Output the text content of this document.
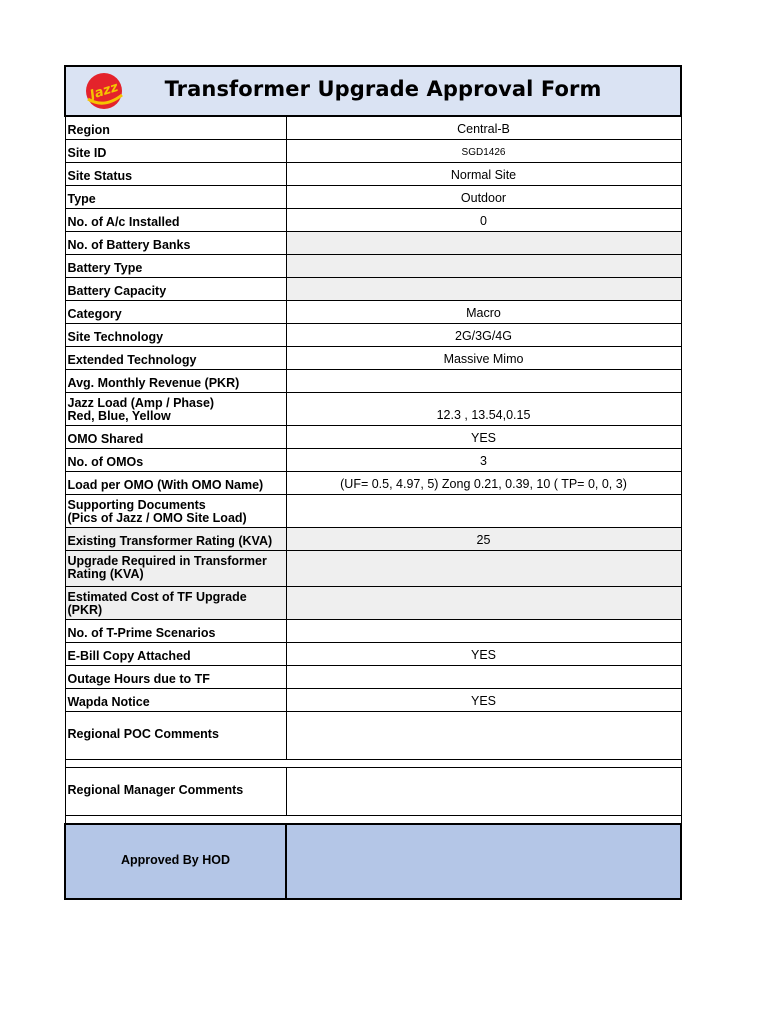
Jazz Transformer Upgrade Approval Form	
Region	Central-B
Site ID	SGD1426
Site Status	Normal Site
Type	Outdoor
No. of A/c Installed	0
No. of Battery Banks	
Battery Type	
Battery Capacity	
Category	Macro
Site Technology	2G/3G/4G
Extended Technology	Massive Mimo
Avg. Monthly Revenue (PKR)	
Jazz Load (Amp / Phase)
Red, Blue, Yellow	12.3 , 13.54,0.15
OMO Shared	YES
No. of OMOs	3
Load per OMO (With OMO Name)	(UF= 0.5, 4.97, 5) Zong 0.21, 0.39, 10 ( TP= 0, 0, 3)
Supporting Documents
(Pics of Jazz / OMO Site Load)	
Existing Transformer Rating (KVA)	25
Upgrade Required in Transformer
Rating (KVA)	
Estimated Cost of TF Upgrade (PKR)	
No. of T-Prime Scenarios	
E-Bill Copy Attached	YES
Outage Hours due to TF	
Wapda Notice	YES
Regional POC Comments	

Regional Manager Comments	

Approved By HOD	
